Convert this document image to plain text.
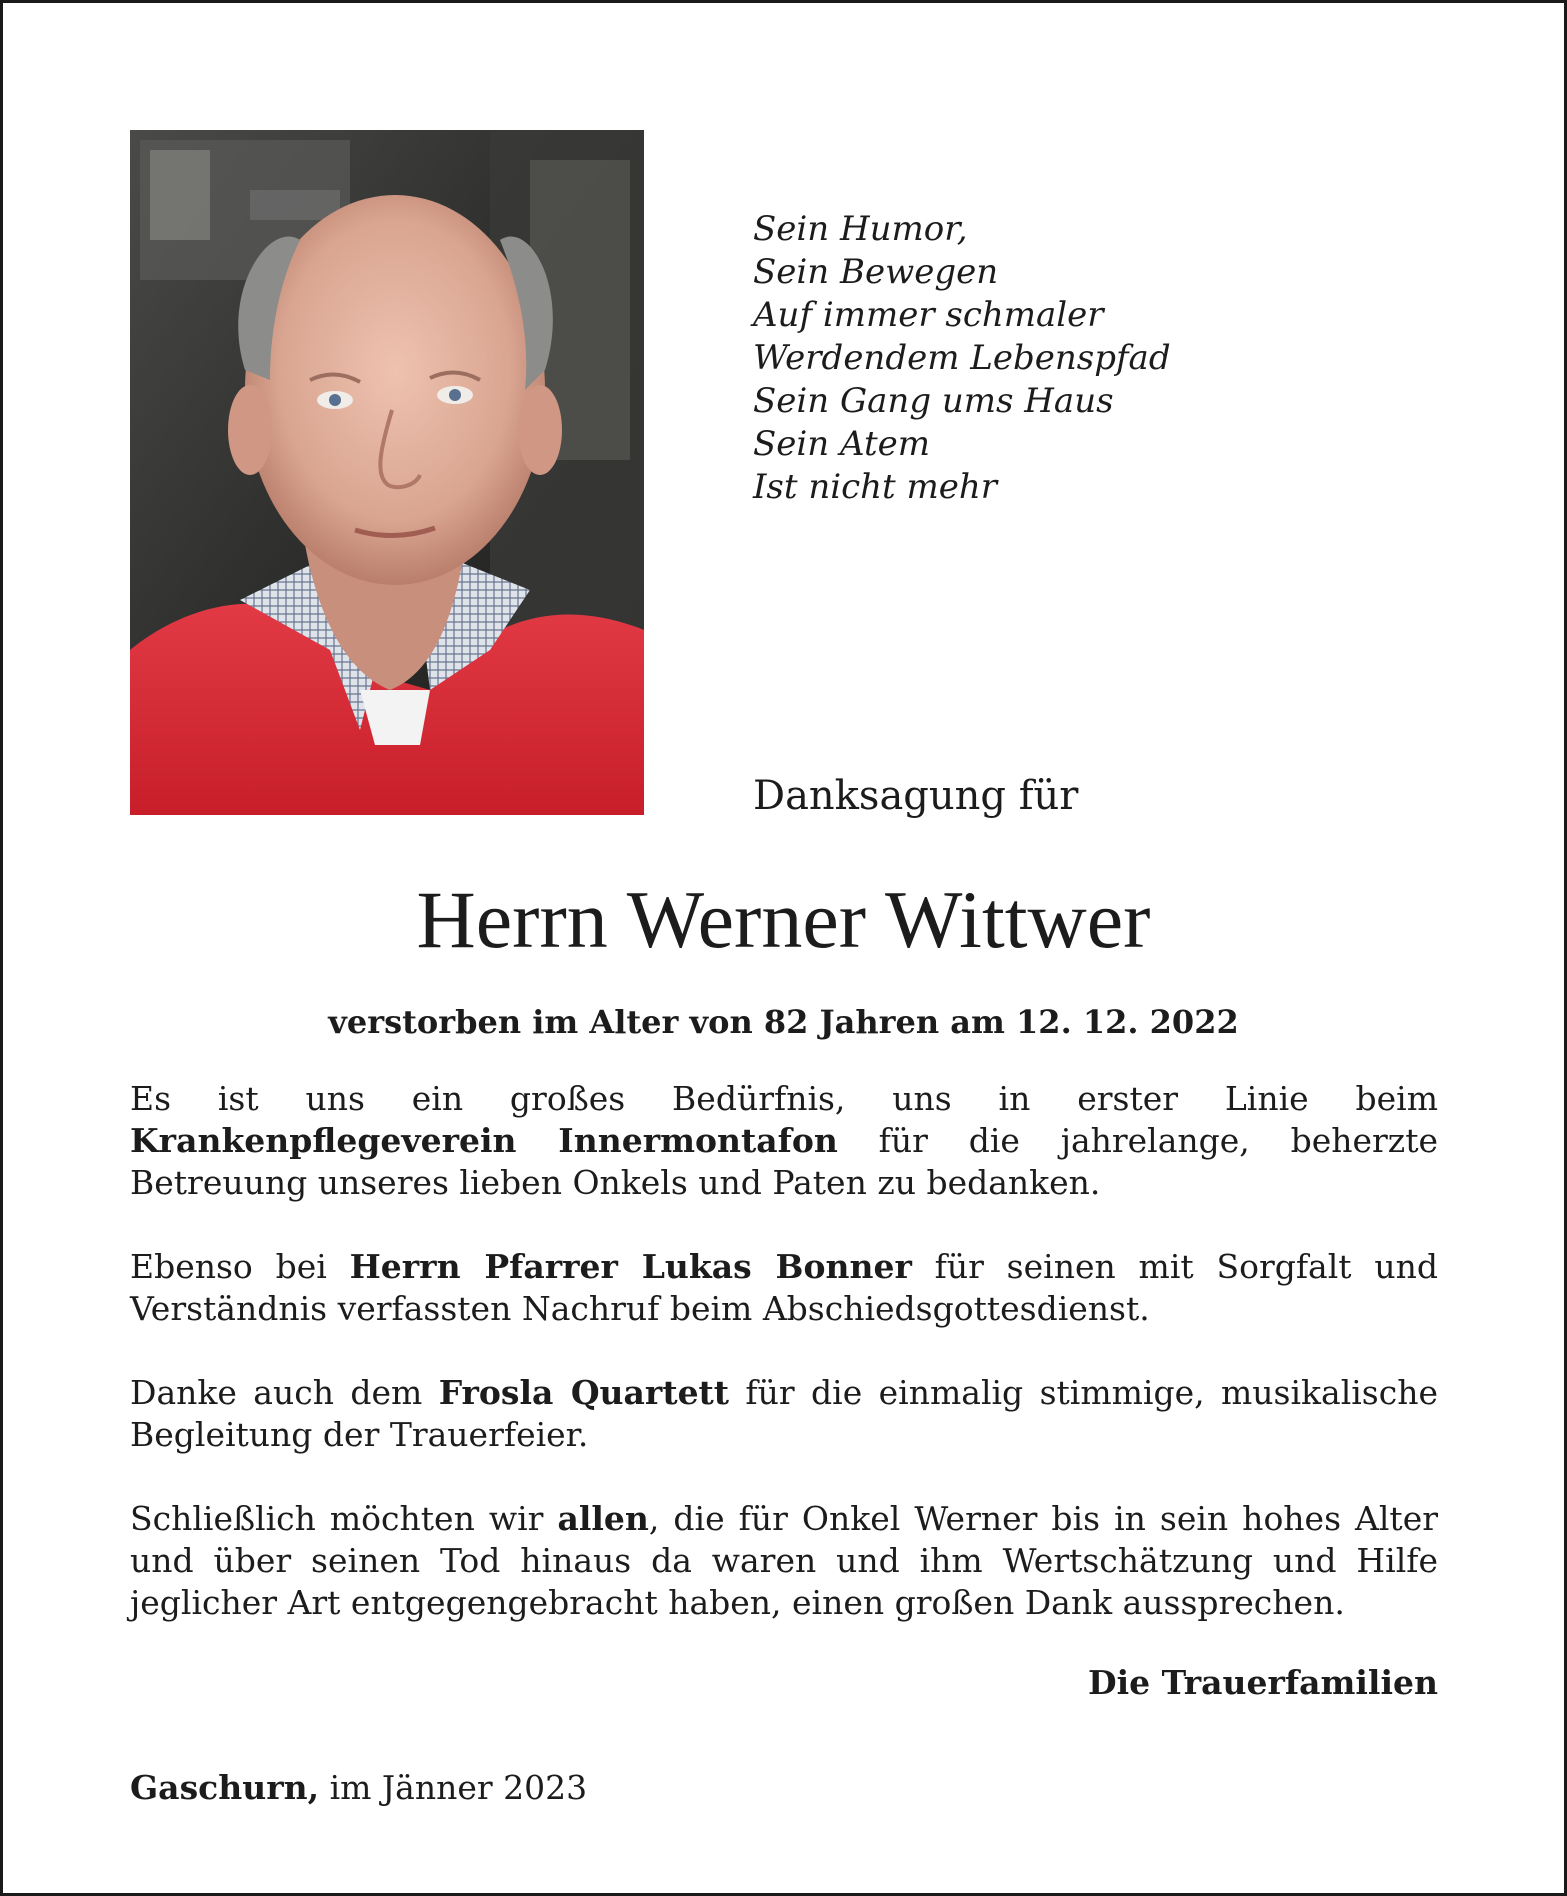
Sein Humor,
Sein Bewegen
Auf immer schmaler
Werdendem Lebenspfad
Sein Gang ums Haus
Sein Atem
Ist nicht mehr
Danksagung für
Herrn Werner Wittwer
verstorben im Alter von 82 Jahren am 12. 12. 2022

Es ist uns ein großes Bedürfnis, uns in erster Linie beim Krankenpflegeverein Innermontafon für die jahrelange, beherzte Betreuung unseres lieben Onkels und Paten zu bedanken.

Ebenso bei Herrn Pfarrer Lukas Bonner für seinen mit Sorgfalt und Verständnis verfassten Nachruf beim Abschiedsgottesdienst.

Danke auch dem Frosla Quartett für die einmalig stimmige, musikalische Begleitung der Trauerfeier.

Schließlich möchten wir allen, die für Onkel Werner bis in sein hohes Alter und über seinen Tod hinaus da waren und ihm Wertschätzung und Hilfe jeglicher Art entgegengebracht haben, einen großen Dank aussprechen.

Die Trauerfamilien
Gaschurn, im Jänner 2023
